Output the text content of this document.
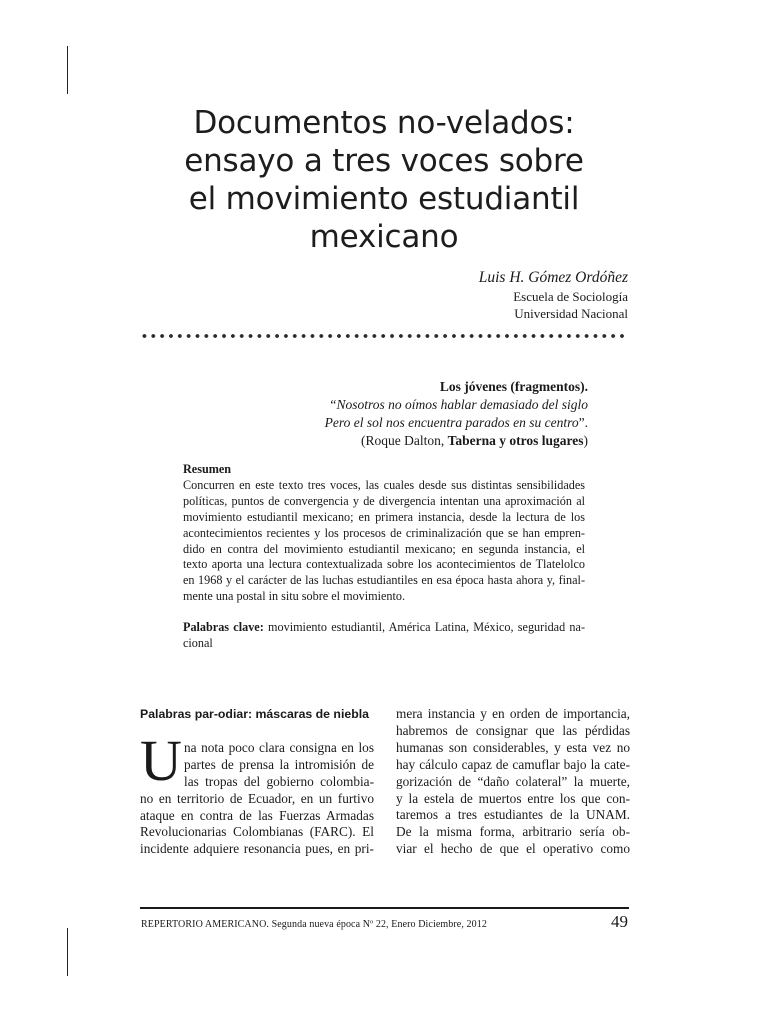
Documentos no-velados:
ensayo a tres voces sobre
el movimiento estudiantil
mexicano
Luis H. Gómez Ordóñez
Escuela de Sociología
Universidad Nacional
Los jóvenes (fragmentos).
“Nosotros no oímos hablar demasiado del siglo
Pero el sol nos encuentra parados en su centro”.
(Roque Dalton, Taberna y otros lugares)
Resumen
Concurren en este texto tres voces, las cuales desde sus distintas sensibilidades
políticas, puntos de convergencia y de divergencia intentan una aproximación al
movimiento estudiantil mexicano; en primera instancia, desde la lectura de los
acontecimientos recientes y los procesos de criminalización que se han empren-
dido en contra del movimiento estudiantil mexicano; en segunda instancia, el
texto aporta una lectura contextualizada sobre los acontecimientos de Tlatelolco
en 1968 y el carácter de las luchas estudiantiles en esa época hasta ahora y, final-
mente una postal in situ sobre el movimiento.
Palabras clave: movimiento estudiantil, América Latina, México, seguridad na-
cional
Palabras par-odiar: máscaras de niebla
U na nota poco clara consigna en los
partes de prensa la intromisión de
las tropas del gobierno colombia-
no en territorio de Ecuador, en un furtivo
ataque en contra de las Fuerzas Armadas
Revolucionarias Colombianas (FARC). El
incidente adquiere resonancia pues, en pri-
mera instancia y en orden de importancia,
habremos de consignar que las pérdidas
humanas son considerables, y esta vez no
hay cálculo capaz de camuflar bajo la cate-
gorización de “daño colateral” la muerte,
y la estela de muertos entre los que con-
taremos a tres estudiantes de la UNAM.
De la misma forma, arbitrario sería ob-
viar el hecho de que el operativo como
REPERTORIO AMERICANO. Segunda nueva época Nº 22, Enero Diciembre, 2012	49
